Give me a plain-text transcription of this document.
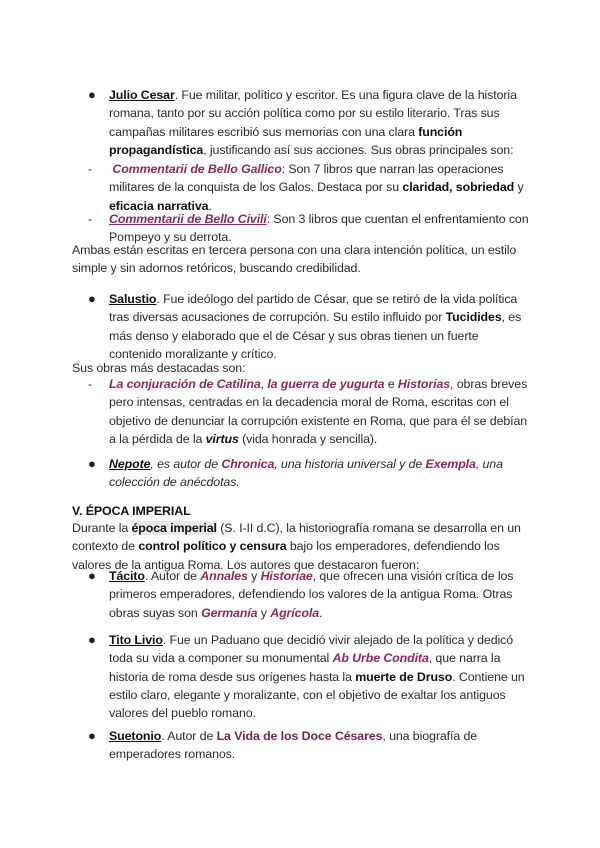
● Julio Cesar. Fue militar, político y escritor. Es una figura clave de la historia romana, tanto por su acción política como por su estilo literario. Tras sus campañas militares escribió sus memorias con una clara función propagandística, justificando así sus acciones. Sus obras principales son:

-	Commentarii de Bello Gallico: Son 7 libros que narran las operaciones militares de la conquista de los Galos. Destaca por su claridad, sobriedad y eficacia narrativa.

-	Commentarii de Bello Civili: Son 3 libros que cuentan el enfrentamiento con Pompeyo y su derrota.

Ambas están escritas en tercera persona con una clara intención política, un estilo simple y sin adornos retóricos, buscando credibilidad.

● Salustio. Fue ideólogo del partido de César, que se retiró de la vida política tras diversas acusaciones de corrupción. Su estilo influido por Tucidides, es más denso y elaborado que el de César y sus obras tienen un fuerte contenido moralizante y crítico.

Sus obras más destacadas son:

-	La conjuración de Catilina, la guerra de yugurta e Historias, obras breves pero intensas, centradas en la decadencia moral de Roma, escritas con el objetivo de denunciar la corrupción existente en Roma, que para él se debían a la pérdida de la virtus (vida honrada y sencilla).

● Nepote, es autor de Chronica, una historia universal y de Exempla, una colección de anécdotas.

V. ÉPOCA IMPERIAL

Durante la época imperial (S. I-II d.C), la historiografía romana se desarrolla en un contexto de control político y censura bajo los emperadores, defendiendo los valores de la antigua Roma. Los autores que destacaron fueron:

● Tácito. Autor de Annales y Historiae, que ofrecen una visión crítica de los primeros emperadores, defendiendo los valores de la antigua Roma. Otras obras suyas son Germanía y Agrícola.

● Tito Livio. Fue un Paduano que decidió vivir alejado de la política y dedicó toda su vida a componer su monumental Ab Urbe Condita, que narra la historia de roma desde sus orígenes hasta la muerte de Druso. Contiene un estilo claro, elegante y moralizante, con el objetivo de exaltar los antiguos valores del pueblo romano.

● Suetonio. Autor de La Vida de los Doce Césares, una biografía de emperadores romanos.
